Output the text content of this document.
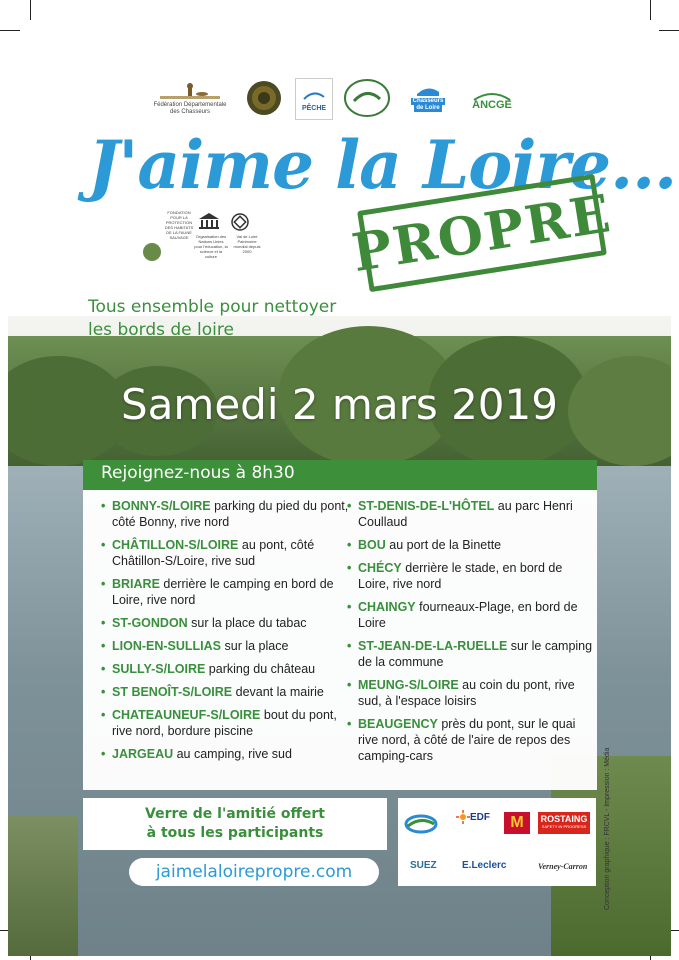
Fédération Départementale des Chasseurs
PÊCHE
Chasseurs
de Loire	ANCGE
J'aime la Loire...
FONDATION POUR LA PROTECTION DES HABITATS DE LA FAUNE SAUVAGE	Organisation des Nations Unies pour l'éducation, la science et la culture
Val de Loire Patrimoine mondial depuis 2000 PROPRE
Tous ensemble pour nettoyer
les bords de loire
Samedi 2 mars 2019
Rejoignez-nous à 8h30
• BONNY-S/LOIRE parking du pied du pont, côté Bonny, rive nord
• CHÂTILLON-S/LOIRE au pont, côté Châtillon-S/Loire, rive sud
• BRIARE derrière le camping en bord de Loire, rive nord
• ST-GONDON sur la place du tabac
• LION-EN-SULLIAS sur la place
• SULLY-S/LOIRE parking du château
• ST BENOÎT-S/LOIRE devant la mairie
• CHATEAUNEUF-S/LOIRE bout du pont, rive nord, bordure piscine
• JARGEAU au camping, rive sud
• ST-DENIS-DE-L'HÔTEL au parc Henri Coullaud
• BOU au port de la Binette
• CHÉCY derrière le stade, en bord de Loire, rive nord
• CHAINGY fourneaux-Plage, en bord de Loire
• ST-JEAN-DE-LA-RUELLE sur le camping de la commune
• MEUNG-S/LOIRE au coin du pont, rive sud, à l'espace loisirs
• BEAUGENCY près du pont, sur le quai rive nord, à côté de l'aire de repos des camping-cars
Verre de l'amitié offert
à tous les participants
jaimelaloirepropre.com
EDF M ROSTAING
SAFETY IN PROGRESS
SUEZ	E.Leclerc	Verney-Carron Conception graphique : FRCVL - Impression : Média
